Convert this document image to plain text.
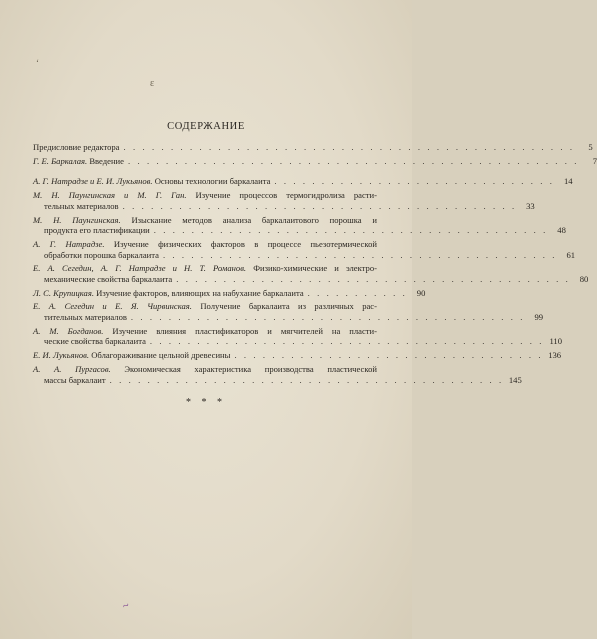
‘
ε
СОДЕРЖАНИЕ
Предисловие редактора . . . . . . . . . . . . . . . . . . . . . . . . . . . . . . . . . . . . . . . . . . . . . . . .	5
Г. Е. Баркалая. Введение . . . . . . . . . . . . . . . . . . . . . . . . . . . . . . . . . . . . . . . . . . . . . . . .	7
А. Г. Натрадзе и Е. И. Лукьянов. Основы технологии баркалаита . . . . . . . . . . . . . . . . . . . . . . . . . . . . . .	14
М. Н. Паунгинская и М. Г. Ган. Изучение процессов термогидролиза расти-
тельных материалов . . . . . . . . . . . . . . . . . . . . . . . . . . . . . . . . . . . . . . . . . .	33
М. Н. Паунгинская. Изыскание методов анализа баркалаитового порошка и
продукта его пластификации . . . . . . . . . . . . . . . . . . . . . . . . . . . . . . . . . . . . . . . . . .	48
А. Г. Натрадзе. Изучение физических факторов в процессе пьезотермической
обработки порошка баркалаита . . . . . . . . . . . . . . . . . . . . . . . . . . . . . . . . . . . . . . . . . .	61
Е. А. Сегедин, А. Г. Натрадзе и Н. Т. Романов. Физико-химические и электро-
механические свойства баркалаита . . . . . . . . . . . . . . . . . . . . . . . . . . . . . . . . . . . . . . . . . .	80
Л. С. Крупицкая. Изучение факторов, влияющих на набухание баркалаита . . . . . . . . . . .	90
Е. А. Сегедин и Е. Я. Чирвинская. Получение баркалаита из различных рас-
тительных материалов . . . . . . . . . . . . . . . . . . . . . . . . . . . . . . . . . . . . . . . . . .	99
А. М. Богданов. Изучение влияния пластификаторов и мягчителей на пласти-
ческие свойства баркалаита . . . . . . . . . . . . . . . . . . . . . . . . . . . . . . . . . . . . . . . . . . 110
Е. И. Лукьянов. Облагораживание цельной древесины . . . . . . . . . . . . . . . . . . . . . . . . . . . . . . . . . 136
А. А. Пургасов. Экономическая характеристика производства пластической
массы баркалаит . . . . . . . . . . . . . . . . . . . . . . . . . . . . . . . . . . . . . . . . . . 145
* * *
~
